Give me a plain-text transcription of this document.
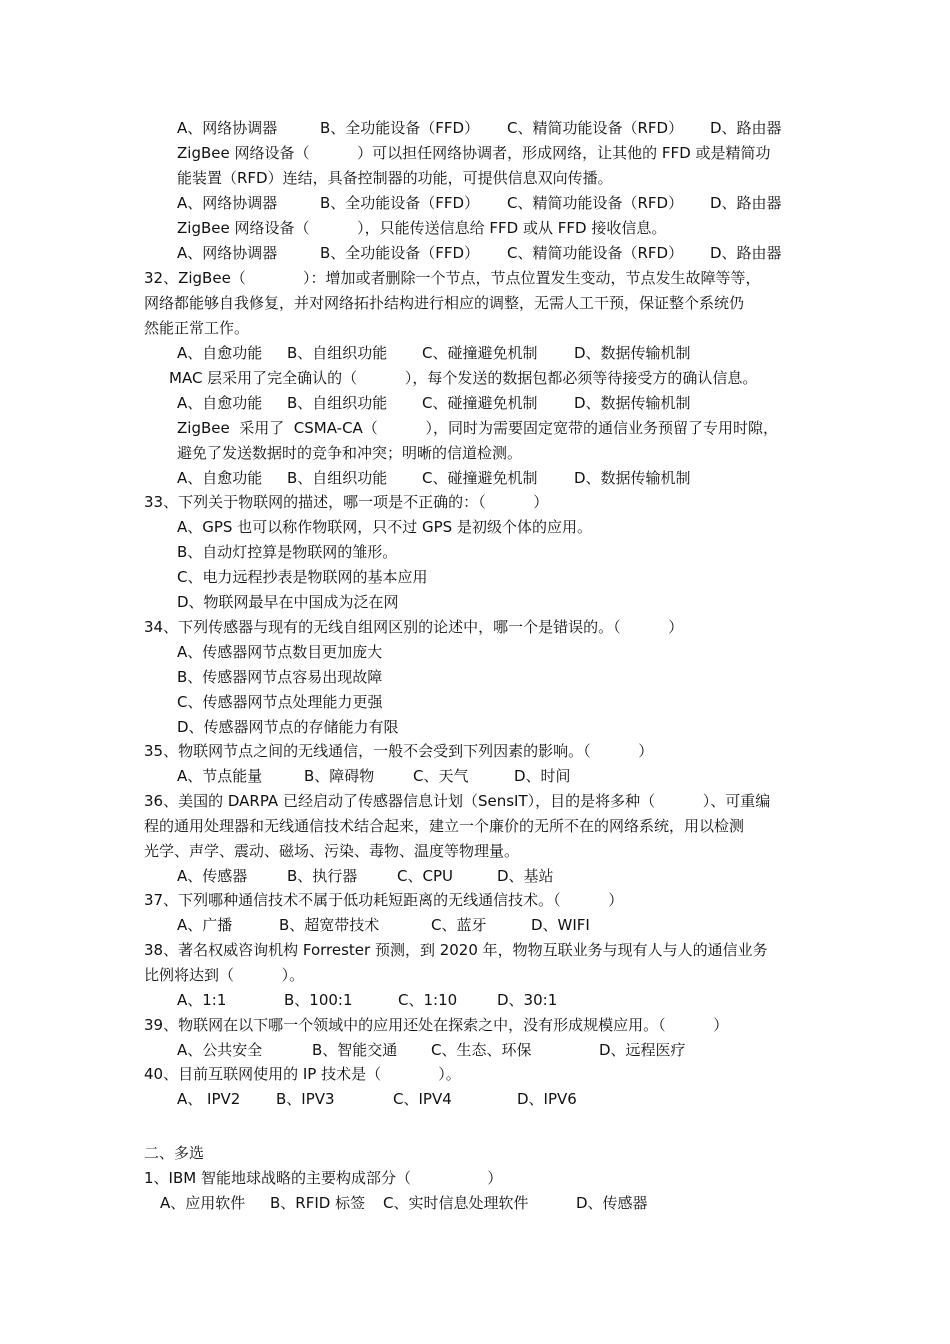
A、网络协调器	B、全功能设备（FFD） C、精简功能设备（RFD） D、路由器
ZigBee 网络设备（          ）可以担任网络协调者，形成网络，让其他的 FFD 或是精简功
能装置（RFD）连结，具备控制器的功能，可提供信息双向传播。
A、网络协调器	B、全功能设备（FFD） C、精简功能设备（RFD） D、路由器
ZigBee 网络设备（          ），只能传送信息给 FFD 或从 FFD 接收信息。
A、网络协调器	B、全功能设备（FFD） C、精简功能设备（RFD） D、路由器
32、ZigBee（            ）：增加或者删除一个节点，节点位置发生变动，节点发生故障等等，
网络都能够自我修复，并对网络拓扑结构进行相应的调整，无需人工干预，保证整个系统仍
然能正常工作。
A、自愈功能 B、自组织功能 C、碰撞避免机制 D、数据传输机制
MAC 层采用了完全确认的（          ），每个发送的数据包都必须等待接受方的确认信息。
A、自愈功能 B、自组织功能 C、碰撞避免机制 D、数据传输机制
ZigBee  采用了  CSMA-CA（          ），同时为需要固定宽带的通信业务预留了专用时隙，
避免了发送数据时的竞争和冲突；明晰的信道检测。
A、自愈功能 B、自组织功能 C、碰撞避免机制 D、数据传输机制
33、下列关于物联网的描述，哪一项是不正确的：（          ）
A、GPS 也可以称作物联网，只不过 GPS 是初级个体的应用。
B、自动灯控算是物联网的雏形。
C、电力远程抄表是物联网的基本应用
D、物联网最早在中国成为泛在网
34、下列传感器与现有的无线自组网区别的论述中，哪一个是错误的。（          ）
A、传感器网节点数目更加庞大
B、传感器网节点容易出现故障
C、传感器网节点处理能力更强
D、传感器网节点的存储能力有限
35、物联网节点之间的无线通信，一般不会受到下列因素的影响。（          ）
A、节点能量	B、障碍物	C、天气	D、时间
36、美国的 DARPA 已经启动了传感器信息计划（SensIT），目的是将多种（          ）、可重编
程的通用处理器和无线通信技术结合起来，建立一个廉价的无所不在的网络系统，用以检测
光学、声学、震动、磁场、污染、毒物、温度等物理量。
A、传感器	B、执行器	C、CPU	D、基站
37、下列哪种通信技术不属于低功耗短距离的无线通信技术。（          ）
A、广播	B、超宽带技术	C、蓝牙	D、WIFI
38、著名权威咨询机构 Forrester 预测，到 2020 年，物物互联业务与现有人与人的通信业务
比例将达到（          ）。
A、1:1	B、100:1	C、1:10	D、30:1
39、物联网在以下哪一个领域中的应用还处在探索之中，没有形成规模应用。（          ）
A、公共安全	B、智能交通 C、生态、环保	D、远程医疗
40、目前互联网使用的 IP 技术是（            ）。
A、 IPV2 B、IPV3	C、IPV4	D、IPV6
二、多选
1、IBM 智能地球战略的主要构成部分（                ）
A、应用软件 B、RFID 标签 C、实时信息处理软件	D、传感器
